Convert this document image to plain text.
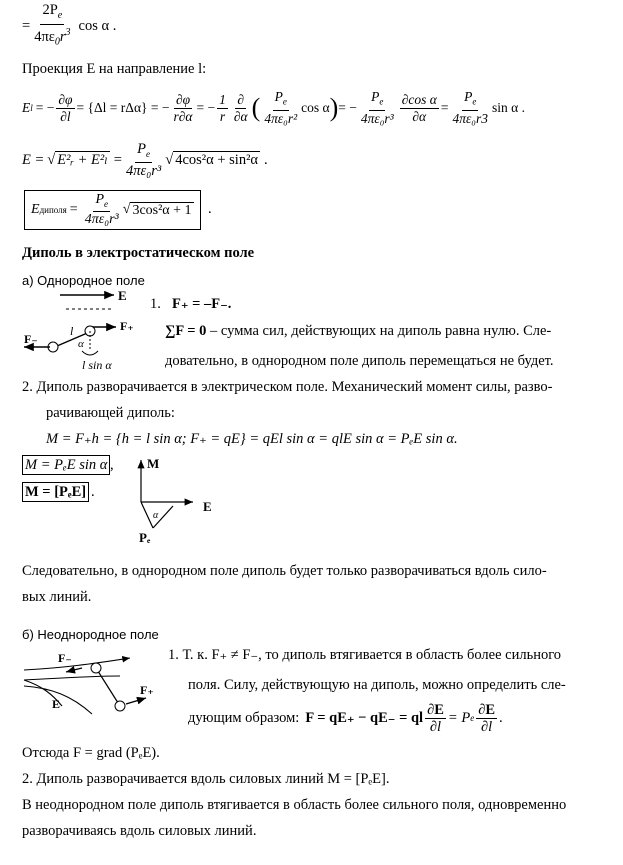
= $\frac{2P_e}{4\pi\varepsilon_0r^3}$ cos α .
Проекция E на направление l:
E l = − $\frac{\partial\varphi}{\partial l} = \{\Delta l = r\Delta\alpha\}$ = − $\frac{\partial\varphi}{r\partial\alpha}$ = − $\frac{1}{r} \frac{\partial}{\partial\alpha}$ ( $\frac{P_e}{\text{4πε₀r²}}$ cos α ) = − $\frac{P_e}{\text{4πε₀r³}} \frac{\text{∂cos α}}{\partial\alpha} = \frac{P_e}{\text{4πε₀r3}}$ sin α .
E = √ E²ᵣ + $E^2_l = \frac{P_e}{\text{4πε₀r³}}$ √ 4cos²α + sin²α .
E диполя = $\frac{P_e}{\text{4πε₀r³}}$ √ 3cos²α + 1 .
Диполь в электростатическом поле
а) Однородное поле
E
F₊
F₋
l
α
l sin α
1. F₊ = –F₋.
∑F = 0 – сумма сил, действующих на диполь равна нулю. Сле-
довательно, в однородном поле диполь перемещаться не будет.
2. Диполь разворачивается в электрическом поле. Механический момент силы, разво-
рачивающей диполь:
M = F₊h = {h = l sin α; F₊ = qE} = qEl sin α = qlE sin α = PₑE sin α.
M = PₑE sin α ,
M = [PₑE] .
M
E
α
Pₑ
Следовательно, в однородном поле диполь будет только разворачиваться вдоль сило-
вых линий.
б) Неоднородное поле
F₋
F₊
E
1. Т. к. F₊ ≠ F₋, то диполь втягивается в область более сильного
поля. Силу, действующую на диполь, можно определить сле-
дующим образом: F = qE₊ − qE₋ = ql $\frac{\partial E}{\partial l} = P$ e $\frac{\partial E}{\partial l}$ .
Отсюда F = grad (PₑE).
2. Диполь разворачивается вдоль силовых линий M = [PₑE].
В неоднородном поле диполь втягивается в область более сильного поля, одновременно
разворачиваясь вдоль силовых линий.
